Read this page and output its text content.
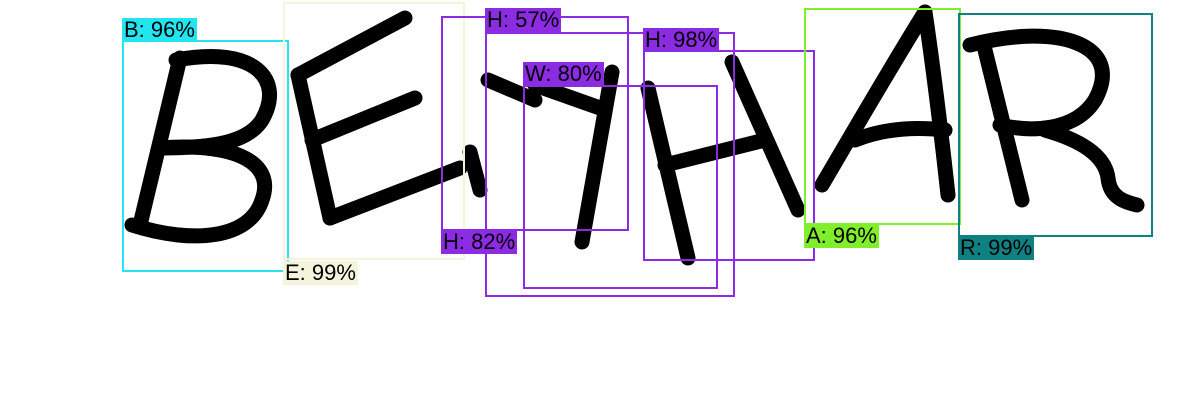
B: 96%
E: 99%
H: 57%
H: 98%
W: 80%
H: 82%	A: 96%	R: 99%
